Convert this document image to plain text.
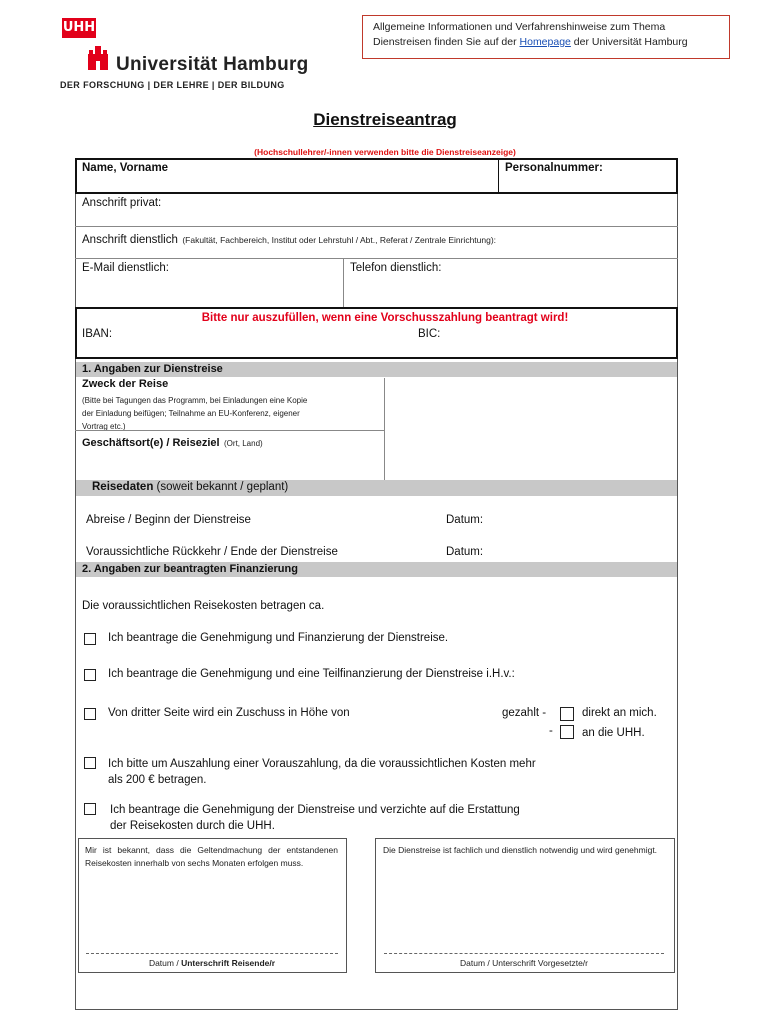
UHH
Universität Hamburg
DER FORSCHUNG | DER LEHRE | DER BILDUNG
Allgemeine Informationen und Verfahrenshinweise zum Thema
Dienstreisen finden Sie auf der Homepage der Universität Hamburg
Dienstreiseantrag
(Hochschullehrer/-innen verwenden bitte die Dienstreiseanzeige)
Name, Vorname	Personalnummer:
Anschrift privat:
Anschrift dienstlich (Fakultät, Fachbereich, Institut oder Lehrstuhl / Abt., Referat / Zentrale Einrichtung):
E-Mail dienstlich:	Telefon dienstlich:
Bitte nur auszufüllen, wenn eine Vorschusszahlung beantragt wird!
IBAN:	BIC:
1. Angaben zur Dienstreise
Zweck der Reise
(Bitte bei Tagungen das Programm, bei Einladungen eine Kopie
der Einladung beifügen; Teilnahme an EU-Konferenz, eigener
Vortrag etc.)
Geschäftsort(e) / Reiseziel (Ort, Land)
Reisedaten (soweit bekannt / geplant)
Abreise / Beginn der Dienstreise	Datum:
Voraussichtliche Rückkehr / Ende der Dienstreise	Datum:
2. Angaben zur beantragten Finanzierung
Die voraussichtlichen Reisekosten betragen ca.
Ich beantrage die Genehmigung und Finanzierung der Dienstreise.
Ich beantrage die Genehmigung und eine Teilfinanzierung der Dienstreise i.H.v.:
Von dritter Seite wird ein Zuschuss in Höhe von	gezahlt -	direkt an mich.
-	an die UHH.
Ich bitte um Auszahlung einer Vorauszahlung, da die voraussichtlichen Kosten mehr
als 200 € betragen.
Ich beantrage die Genehmigung der Dienstreise und verzichte auf die Erstattung
der Reisekosten durch die UHH.
Mir ist bekannt, dass die Geltendmachung der entstandenen Reisekosten innerhalb von sechs Monaten erfolgen muss.
Datum / Unterschrift Reisende/r
Die Dienstreise ist fachlich und dienstlich notwendig und wird genehmigt.
Datum / Unterschrift Vorgesetzte/r
